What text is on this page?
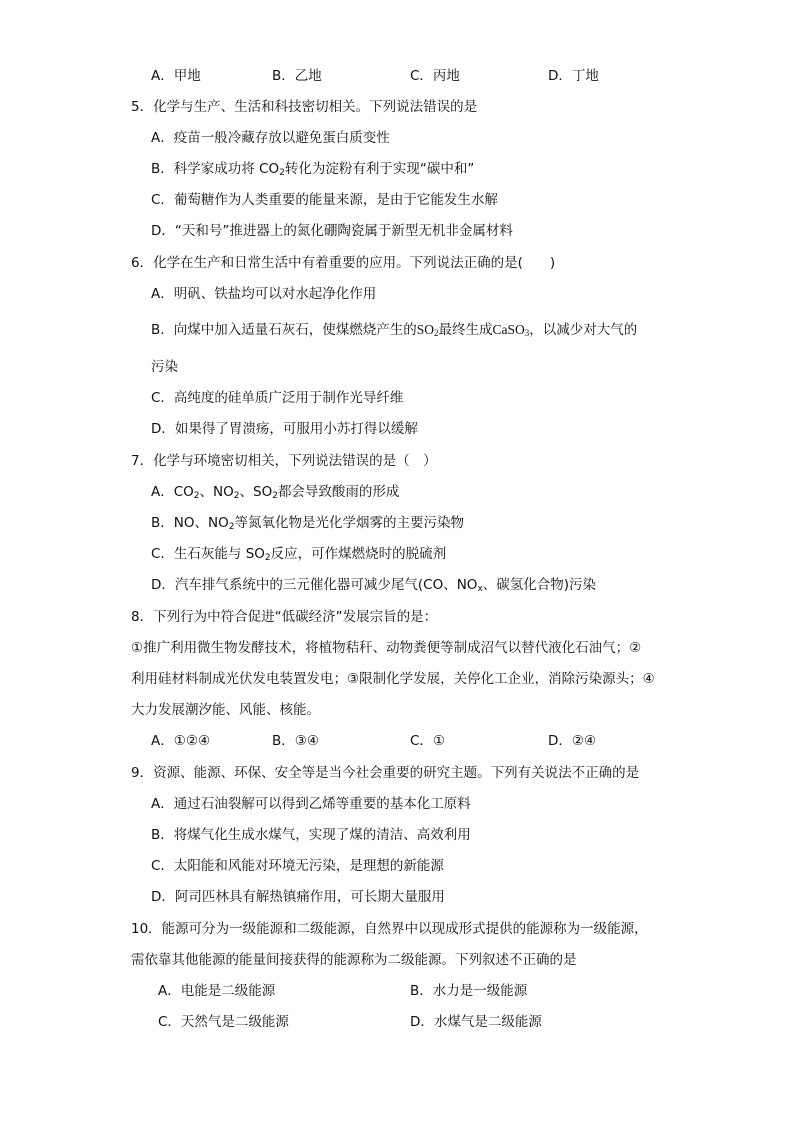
A．甲地	B．乙地	C．丙地	D．丁地
5．化学与生产、生活和科技密切相关。下列说法错误的是
A．疫苗一般冷藏存放以避免蛋白质变性
B．科学家成功将 $CO_2$转化为淀粉有利于实现“碳中和”
C．葡萄糖作为人类重要的能量来源，是由于它能发生水解
D．“天和号”推进器上的氮化硼陶瓷属于新型无机非金属材料
6．化学在生产和日常生活中有着重要的应用。下列说法正确的是(　　)
A．明矾、铁盐均可以对水起净化作用
B．向煤中加入适量石灰石，使煤燃烧产生的$SO_2$最终生成CaSO$_3$，以减少对大气的
污染
C．高纯度的硅单质广泛用于制作光导纤维
D．如果得了胃溃疡，可服用小苏打得以缓解
7．化学与环境密切相关，下列说法错误的是（　）
A．$CO_2$、$NO_2$、$SO_2$都会导致酸雨的形成
B．NO、$NO_2$等氮氧化物是光化学烟雾的主要污染物
C．生石灰能与 $SO_2$反应，可作煤燃烧时的脱硫剂
D．汽车排气系统中的三元催化器可减少尾气(CO、$NO_x$、碳氢化合物)污染
8．下列行为中符合促进“低碳经济”发展宗旨的是：
①推广利用微生物发酵技术，将植物秸秆、动物粪便等制成沼气以替代液化石油气；②
利用硅材料制成光伏发电装置发电；③限制化学发展，关停化工企业，消除污染源头；④
大力发展潮汐能、风能、核能。
A．①②④	B．③④	C．①	D．②④
9．资源、能源、环保、安全等是当今社会重要的研究主题。下列有关说法不正确的是
A．通过石油裂解可以得到乙烯等重要的基本化工原料
B．将煤气化生成水煤气，实现了煤的清洁、高效利用
C．太阳能和风能对环境无污染，是理想的新能源
D．阿司匹林具有解热镇痛作用，可长期大量服用
10．能源可分为一级能源和二级能源，自然界中以现成形式提供的能源称为一级能源，
需依靠其他能源的能量间接获得的能源称为二级能源。下列叙述不正确的是
A．电能是二级能源	B．水力是一级能源
C．天然气是二级能源	D．水煤气是二级能源
